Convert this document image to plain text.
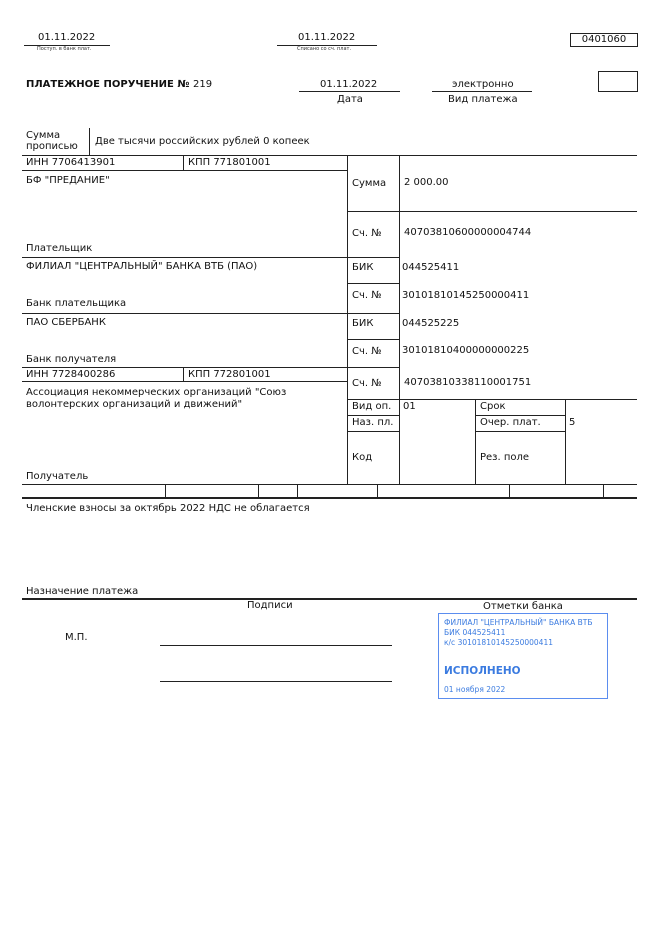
01.11.2022
Поступ. в банк плат.
01.11.2022
Списано со сч. плат.
0401060
ПЛАТЕЖНОЕ ПОРУЧЕНИЕ № 219	01.11.2022
Дата
электронно
Вид платежа
Сумма прописью	Две тысячи российских рублей 0 копеек
ИНН 7706413901	КПП 771801001
БФ "ПРЕДАНИЕ"
Плательщик
Сумма 2 000.00
Сч. № 40703810600000004744
ФИЛИАЛ "ЦЕНТРАЛЬНЫЙ" БАНКА ВТБ (ПАО)
Банк плательщика
БИК	044525411
Сч. № 30101810145250000411
ПАО СБЕРБАНК
Банк получателя
БИК	044525225
Сч. № 30101810400000000225
ИНН 7728400286	КПП 772801001
Ассоциация некоммерческих организаций "Союз
волонтерских организаций и движений"
Получатель
Сч. № 40703810338110001751
Вид оп. 01	Срок
Наз. пл.	Очер. плат.	5
Код	Рез. поле
Членские взносы за октябрь 2022 НДС не облагается
Назначение платежа
Подписи	Отметки банка
М.П.
ФИЛИАЛ "ЦЕНТРАЛЬНЫЙ" БАНКА ВТБ
БИК 044525411
к/с 30101810145250000411
ИСПОЛНЕНО
01 ноября 2022
